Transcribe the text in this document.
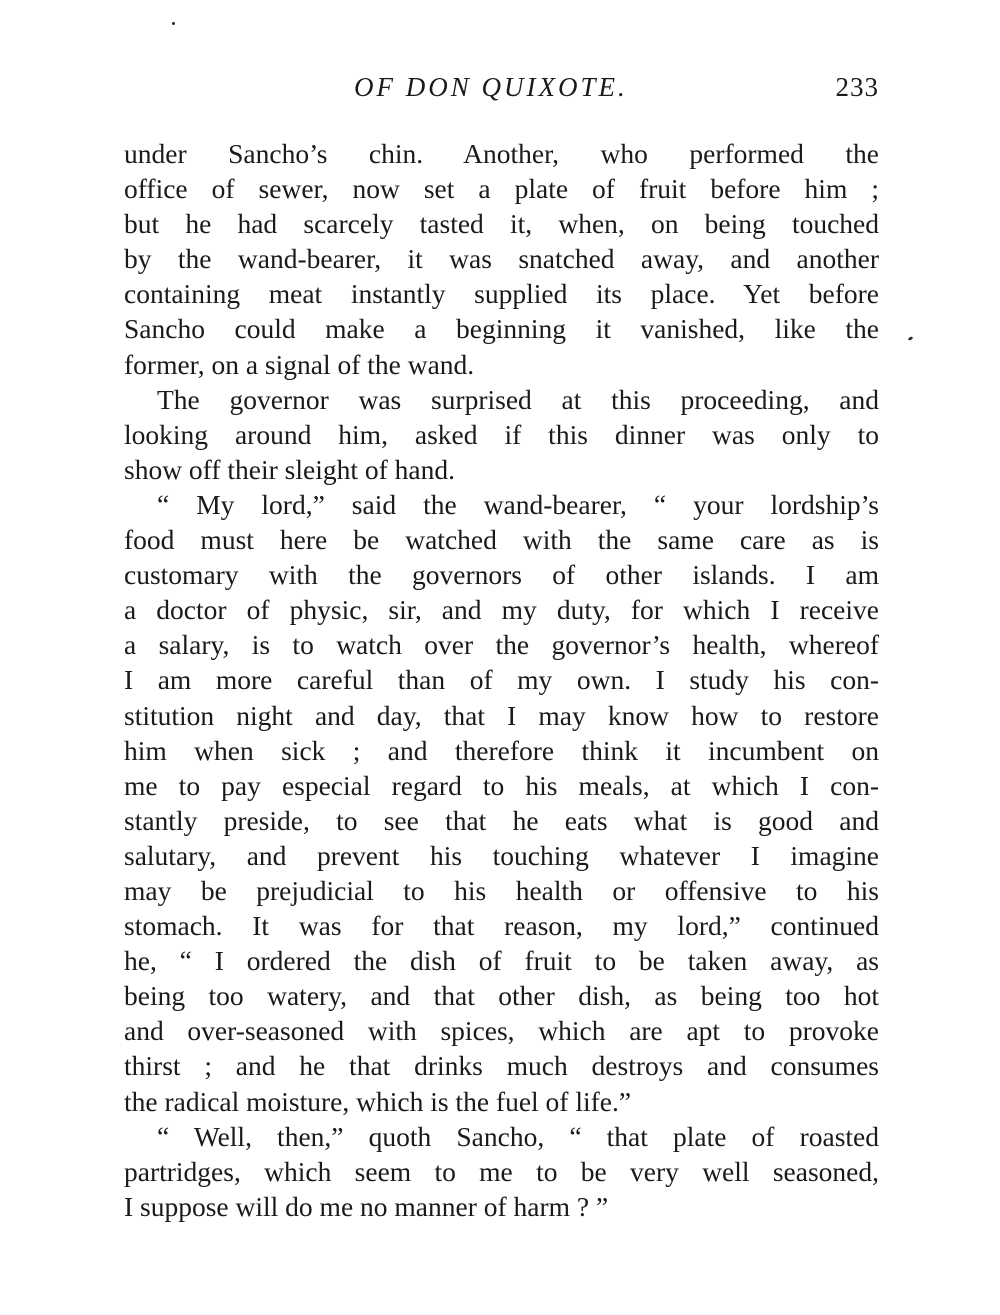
OF DON QUIXOTE.	233
under Sancho’s chin. Another, who performed the
office of sewer, now set a plate of fruit before him ;
but he had scarcely tasted it, when, on being touched
by the wand-bearer, it was snatched away, and another
containing meat instantly supplied its place. Yet before
Sancho could make a beginning it vanished, like the
former, on a signal of the wand.
The governor was surprised at this proceeding, and
looking around him, asked if this dinner was only to
show off their sleight of hand.
“ My lord,” said the wand-bearer, “ your lordship’s
food must here be watched with the same care as is
customary with the governors of other islands. I am
a doctor of physic, sir, and my duty, for which I receive
a salary, is to watch over the governor’s health, whereof
I am more careful than of my own. I study his con-
stitution night and day, that I may know how to restore
him when sick ; and therefore think it incumbent on
me to pay especial regard to his meals, at which I con-
stantly preside, to see that he eats what is good and
salutary, and prevent his touching whatever I imagine
may be prejudicial to his health or offensive to his
stomach. It was for that reason, my lord,” continued
he, “ I ordered the dish of fruit to be taken away, as
being too watery, and that other dish, as being too hot
and over-seasoned with spices, which are apt to provoke
thirst ; and he that drinks much destroys and consumes
the radical moisture, which is the fuel of life.”
“ Well, then,” quoth Sancho, “ that plate of roasted
partridges, which seem to me to be very well seasoned,
I suppose will do me no manner of harm ? ”
